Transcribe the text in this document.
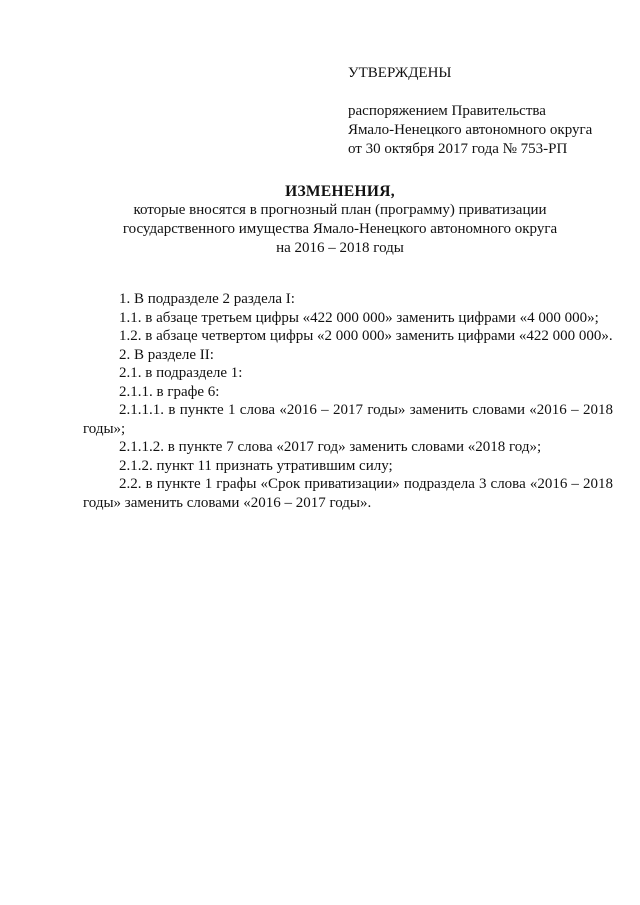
УТВЕРЖДЕНЫ
распоряжением Правительства
Ямало-Ненецкого автономного округа
от 30 октября 2017 года № 753-РП
ИЗМЕНЕНИЯ,
которые вносятся в прогнозный план (программу) приватизации
государственного имущества Ямало-Ненецкого автономного округа
на 2016 – 2018 годы
1. В подразделе 2 раздела I:
1.1. в абзаце третьем цифры «422 000 000» заменить цифрами «4 000 000»;
1.2. в абзаце четвертом цифры «2 000 000» заменить цифрами «422 000 000».
2. В разделе II:
2.1. в подразделе 1:
2.1.1. в графе 6:
2.1.1.1. в пункте 1 слова «2016 – 2017 годы» заменить словами «2016 – 2018 годы»;
2.1.1.2. в пункте 7 слова «2017 год» заменить словами «2018 год»;
2.1.2. пункт 11 признать утратившим силу;
2.2. в пункте 1 графы «Срок приватизации» подраздела 3 слова «2016 – 2018 годы» заменить словами «2016 – 2017 годы».
